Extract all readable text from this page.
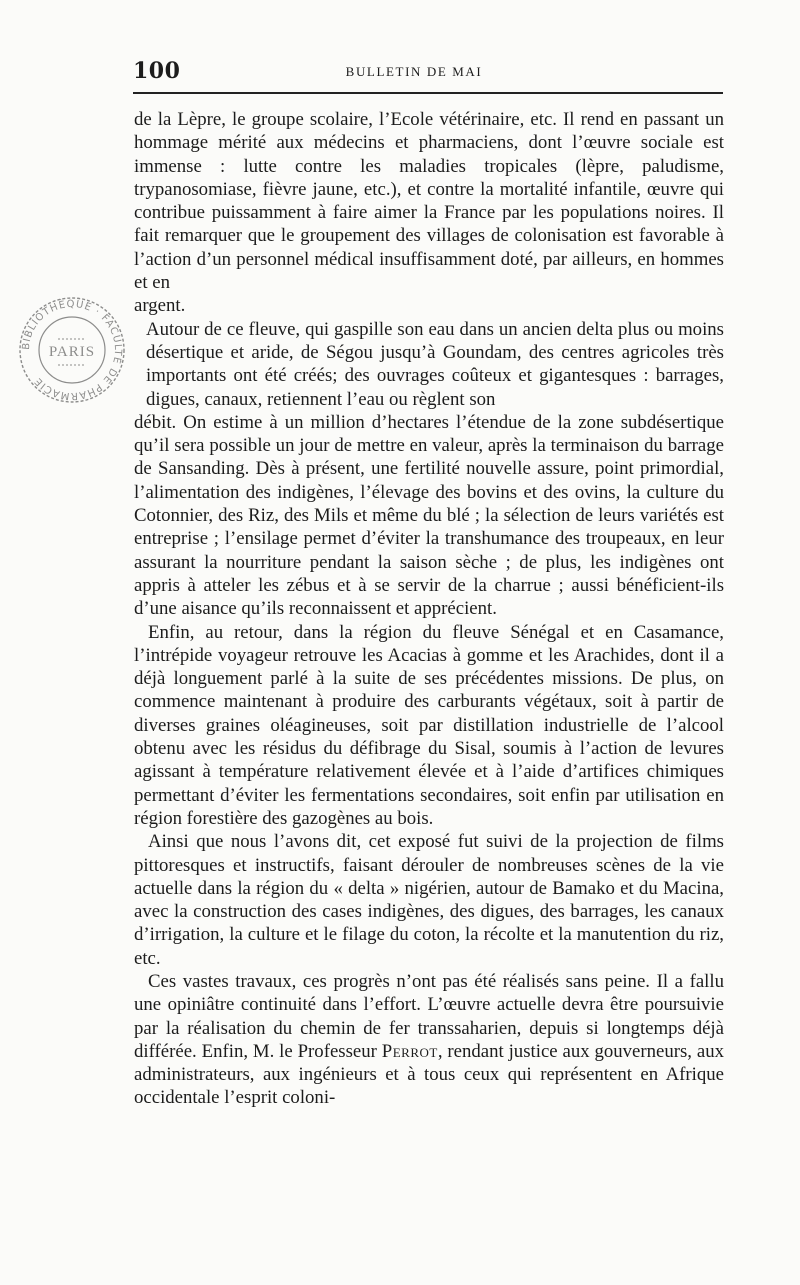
100	BULLETIN DE MAI
BIBLIOTHÈQUE · FACULTÉ DE PHARMACIE
PARIS

de la Lèpre, le groupe scolaire, l’Ecole vétérinaire, etc. Il rend en passant un hommage mérité aux médecins et pharmaciens, dont l’œuvre sociale est immense : lutte contre les maladies tropicales (lèpre, paludisme, trypanosomiase, fièvre jaune, etc.), et contre la mortalité infantile, œuvre qui contribue puissamment à faire aimer la France par les populations noires. Il fait remarquer que le groupement des villages de colonisation est favorable à l’action d’un personnel médical insuffisamment doté, par ailleurs, en hommes et en
argent.

Autour de ce fleuve, qui gaspille son eau dans un ancien delta plus ou moins désertique et aride, de Ségou jusqu’à Goundam, des centres agricoles très importants ont été créés; des ouvrages coûteux et gigantesques : barrages, digues, canaux, retiennent l’eau ou règlent son

débit. On estime à un million d’hectares l’étendue de la zone subdésertique qu’il sera possible un jour de mettre en valeur, après la terminaison du barrage de Sansanding. Dès à présent, une fertilité nouvelle assure, point primordial, l’alimentation des indigènes, l’élevage des bovins et des ovins, la culture du Cotonnier, des Riz, des Mils et même du blé ; la sélection de leurs variétés est entreprise ; l’ensilage permet d’éviter la transhumance des troupeaux, en leur assurant la nourriture pendant la saison sèche ; de plus, les indigènes ont appris à atteler les zébus et à se servir de la charrue ; aussi bénéficient-ils d’une aisance qu’ils reconnaissent et apprécient.

Enfin, au retour, dans la région du fleuve Sénégal et en Casamance, l’intrépide voyageur retrouve les Acacias à gomme et les Arachides, dont il a déjà longuement parlé à la suite de ses précédentes missions. De plus, on commence maintenant à produire des carburants végétaux, soit à partir de diverses graines oléagineuses, soit par distillation industrielle de l’alcool obtenu avec les résidus du défibrage du Sisal, soumis à l’action de levures agissant à température relativement élevée et à l’aide d’artifices chimiques permettant d’éviter les fermentations secondaires, soit enfin par utilisation en région forestière des gazogènes au bois.

Ainsi que nous l’avons dit, cet exposé fut suivi de la projection de films pittoresques et instructifs, faisant dérouler de nombreuses scènes de la vie actuelle dans la région du « delta » nigérien, autour de Bamako et du Macina, avec la construction des cases indigènes, des digues, des barrages, les canaux d’irrigation, la culture et le filage du coton, la récolte et la manutention du riz, etc.

Ces vastes travaux, ces progrès n’ont pas été réalisés sans peine. Il a fallu une opiniâtre continuité dans l’effort. L’œuvre actuelle devra être poursuivie par la réalisation du chemin de fer transsaharien, depuis si longtemps déjà différée. Enfin, M. le Professeur Perrot, rendant justice aux gouverneurs, aux administrateurs, aux ingénieurs et à tous ceux qui représentent en Afrique occidentale l’esprit coloni-
